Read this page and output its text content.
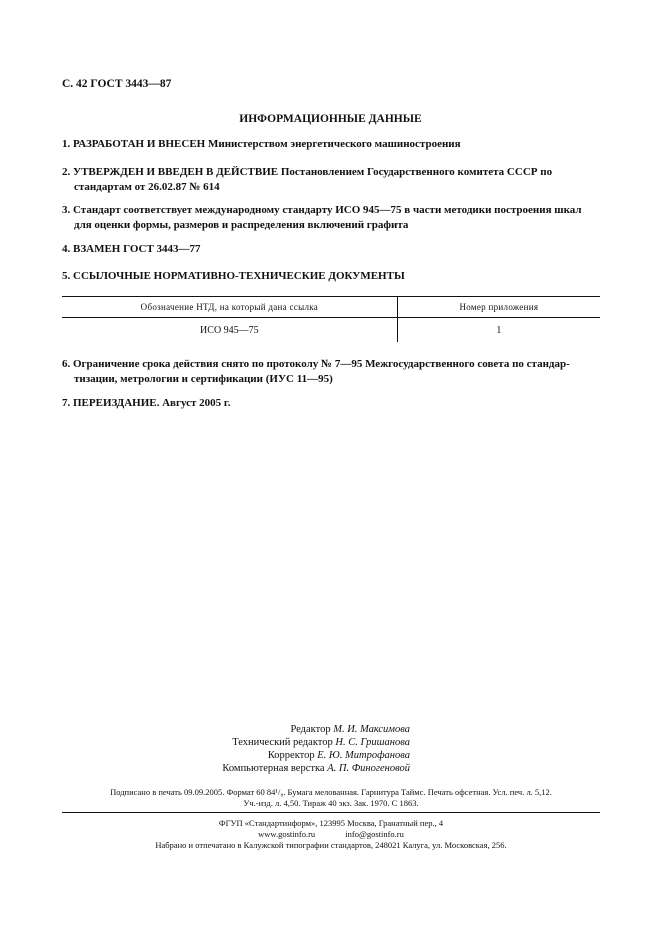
С. 42 ГОСТ 3443—87
ИНФОРМАЦИОННЫЕ ДАННЫЕ
1. РАЗРАБОТАН И ВНЕСЕН Министерством энергетического машиностроения
2. УТВЕРЖДЕН И ВВЕДЕН В ДЕЙСТВИЕ Постановлением Государственного комитета СССР по
стандартам от 26.02.87 № 614
3. Стандарт соответствует международному стандарту ИСО 945—75 в части методики построения шкал
для оценки формы, размеров и распределения включений графита
4. ВЗАМЕН ГОСТ 3443—77
5. ССЫЛОЧНЫЕ НОРМАТИВНО-ТЕХНИЧЕСКИЕ ДОКУМЕНТЫ
Обозначение НТД, на который дана ссылка	Номер приложения
ИСО 945—75	1
6. Ограничение срока действия снято по протоколу № 7—95 Межгосударственного совета по стандар-
тизации, метрологии и сертификации (ИУС 11—95)
7. ПЕРЕИЗДАНИЕ. Август 2005 г.
Редактор М. И. Максимова
Технический редактор Н. С. Гришанова
Корректор Е. Ю. Митрофанова
Компьютерная верстка А. П. Финогеновой
Подписано в печать 09.09.2005. Формат 60 84¹/₈. Бумага мелованная. Гарнитура Таймс. Печать офсетная. Усл. печ. л. 5,12.
Уч.-изд. л. 4,50. Тираж 40 экз. Зак. 1970. С 1863.
ФГУП «Стандартинформ», 123995 Москва, Гранатный пер., 4
www.gostinfo.ru	info@gostinfo.ru
Набрано и отпечатано в Калужской типографии стандартов, 248021 Калуга, ул. Московская, 256.
